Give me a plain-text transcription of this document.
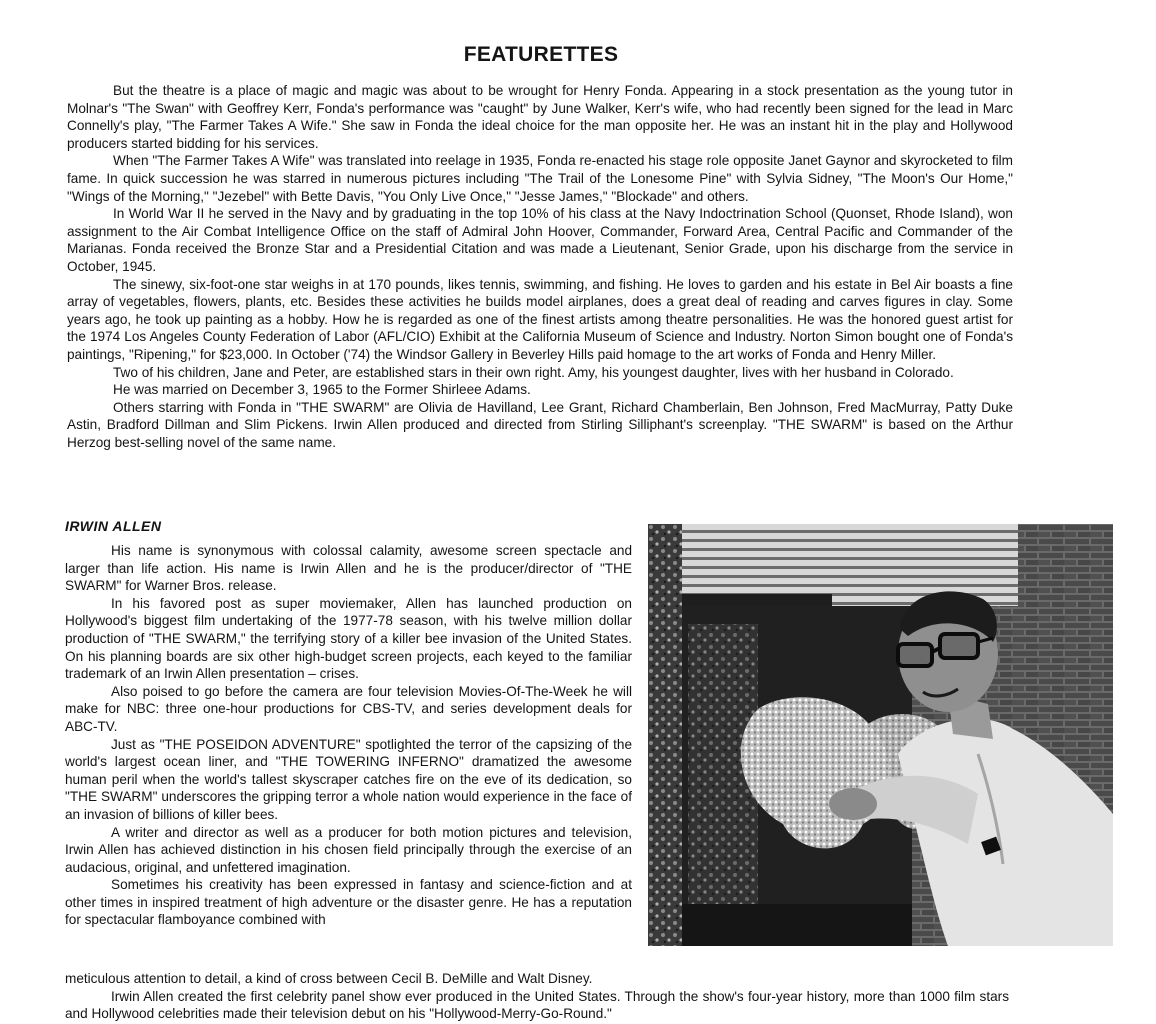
FEATURETTES

But the theatre is a place of magic and magic was about to be wrought for Henry Fonda. Appearing in a stock presentation as the young tutor in Molnar's "The Swan" with Geoffrey Kerr, Fonda's performance was "caught" by June Walker, Kerr's wife, who had recently been signed for the lead in Marc Connelly's play, "The Farmer Takes A Wife." She saw in Fonda the ideal choice for the man opposite her. He was an instant hit in the play and Hollywood producers started bidding for his services.

When "The Farmer Takes A Wife" was translated into reelage in 1935, Fonda re-enacted his stage role opposite Janet Gaynor and skyrocketed to film fame. In quick succession he was starred in numerous pictures including "The Trail of the Lonesome Pine" with Sylvia Sidney, "The Moon's Our Home," "Wings of the Morning," "Jezebel" with Bette Davis, "You Only Live Once," "Jesse James," "Blockade" and others.

In World War II he served in the Navy and by graduating in the top 10% of his class at the Navy Indoctrination School (Quonset, Rhode Island), won assignment to the Air Combat Intelligence Office on the staff of Admiral John Hoover, Commander, Forward Area, Central Pacific and Commander of the Marianas. Fonda received the Bronze Star and a Presidential Citation and was made a Lieutenant, Senior Grade, upon his discharge from the service in October, 1945.

The sinewy, six-foot-one star weighs in at 170 pounds, likes tennis, swimming, and fishing. He loves to garden and his estate in Bel Air boasts a fine array of vegetables, flowers, plants, etc. Besides these activities he builds model airplanes, does a great deal of reading and carves figures in clay. Some years ago, he took up painting as a hobby. How he is regarded as one of the finest artists among theatre personalities. He was the honored guest artist for the 1974 Los Angeles County Federation of Labor (AFL/CIO) Exhibit at the California Museum of Science and Industry. Norton Simon bought one of Fonda's paintings, "Ripening," for $23,000. In October ('74) the Windsor Gallery in Beverley Hills paid homage to the art works of Fonda and Henry Miller.

Two of his children, Jane and Peter, are established stars in their own right. Amy, his youngest daughter, lives with her husband in Colorado.

He was married on December 3, 1965 to the Former Shirleee Adams.

Others starring with Fonda in "THE SWARM" are Olivia de Havilland, Lee Grant, Richard Chamberlain, Ben Johnson, Fred MacMurray, Patty Duke Astin, Bradford Dillman and Slim Pickens. Irwin Allen produced and directed from Stirling Silliphant's screenplay. "THE SWARM" is based on the Arthur Herzog best-selling novel of the same name.

IRWIN ALLEN

His name is synonymous with colossal calamity, awesome screen spectacle and larger than life action. His name is Irwin Allen and he is the producer/director of "THE SWARM" for Warner Bros. release.

In his favored post as super moviemaker, Allen has launched production on Hollywood's biggest film undertaking of the 1977-78 season, with his twelve million dollar production of "THE SWARM," the terrifying story of a killer bee invasion of the United States. On his planning boards are six other high-budget screen projects, each keyed to the familiar trademark of an Irwin Allen presentation – crises.

Also poised to go before the camera are four television Movies-Of-The-Week he will make for NBC: three one-hour productions for CBS-TV, and series development deals for ABC-TV.

Just as "THE POSEIDON ADVENTURE" spotlighted the terror of the capsizing of the world's largest ocean liner, and "THE TOWERING INFERNO" dramatized the awesome human peril when the world's tallest skyscraper catches fire on the eve of its dedication, so "THE SWARM" underscores the gripping terror a whole nation would experience in the face of an invasion of billions of killer bees.

A writer and director as well as a producer for both motion pictures and television, Irwin Allen has achieved distinction in his chosen field principally through the exercise of an audacious, original, and unfettered imagination.

Sometimes his creativity has been expressed in fantasy and science-fiction and at other times in inspired treatment of high adventure or the disaster genre. He has a reputation for spectacular flamboyance combined with

meticulous attention to detail, a kind of cross between Cecil B. DeMille and Walt Disney.

Irwin Allen created the first celebrity panel show ever produced in the United States. Through the show's four-year history, more than 1000 film stars and Hollywood celebrities made their television debut on his "Hollywood-Merry-Go-Round."
